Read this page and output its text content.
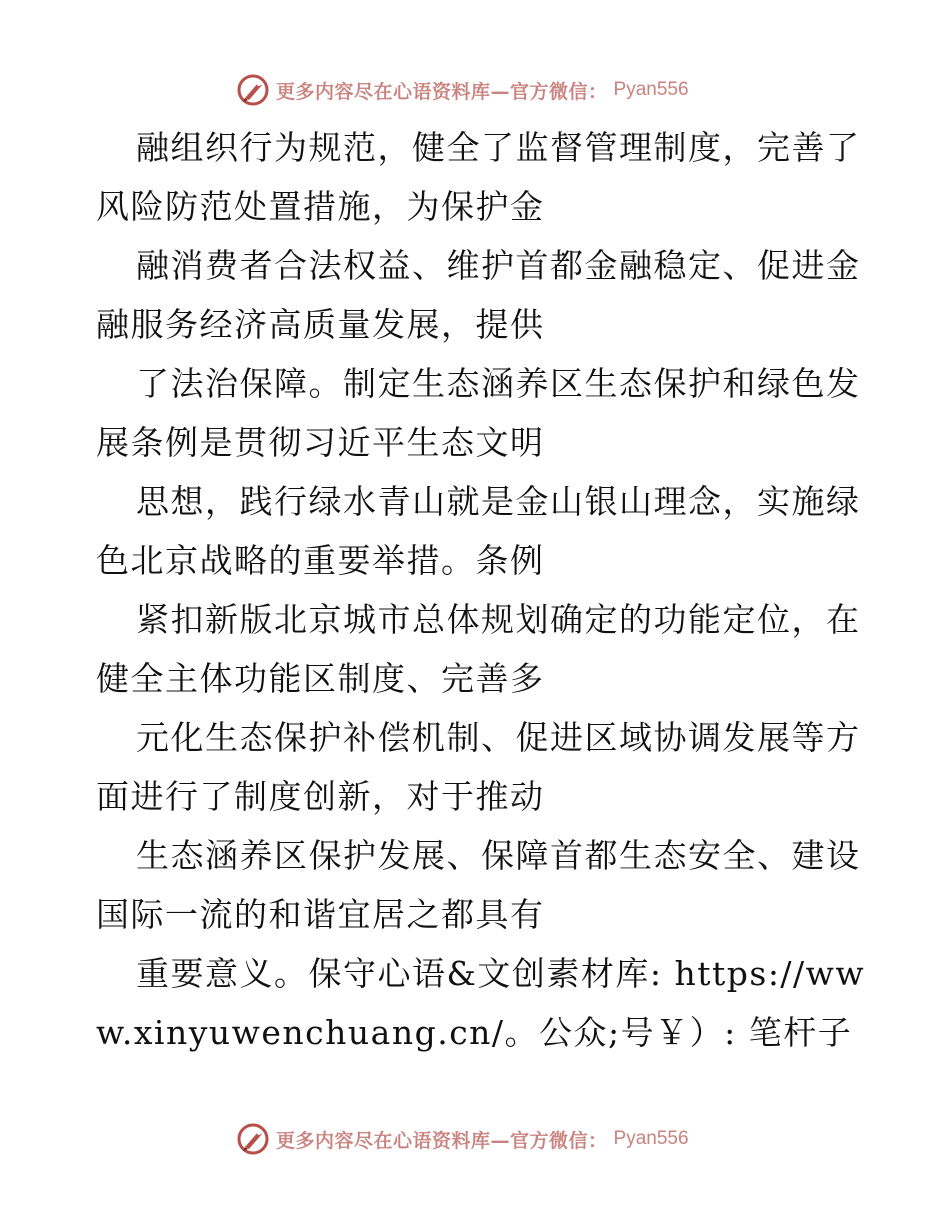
更多内容尽在心语资料库—官方微信： Pyan556

融组织行为规范，健全了监督管理制度，完善了风险防范处置措施，为保护金

融消费者合法权益、维护首都金融稳定、促进金融服务经济高质量发展，提供

了法治保障。制定生态涵养区生态保护和绿色发展条例是贯彻习近平生态文明

思想，践行绿水青山就是金山银山理念，实施绿色北京战略的重要举措。条例

紧扣新版北京城市总体规划确定的功能定位，在健全主体功能区制度、完善多

元化生态保护补偿机制、促进区域协调发展等方面进行了制度创新，对于推动

生态涵养区保护发展、保障首都生态安全、建设国际一流的和谐宜居之都具有

重要意义。保守心语&文创素材库: https://www.xinyuwenchuang.cn/。公众;号￥）: 笔杆子

更多内容尽在心语资料库—官方微信： Pyan556
